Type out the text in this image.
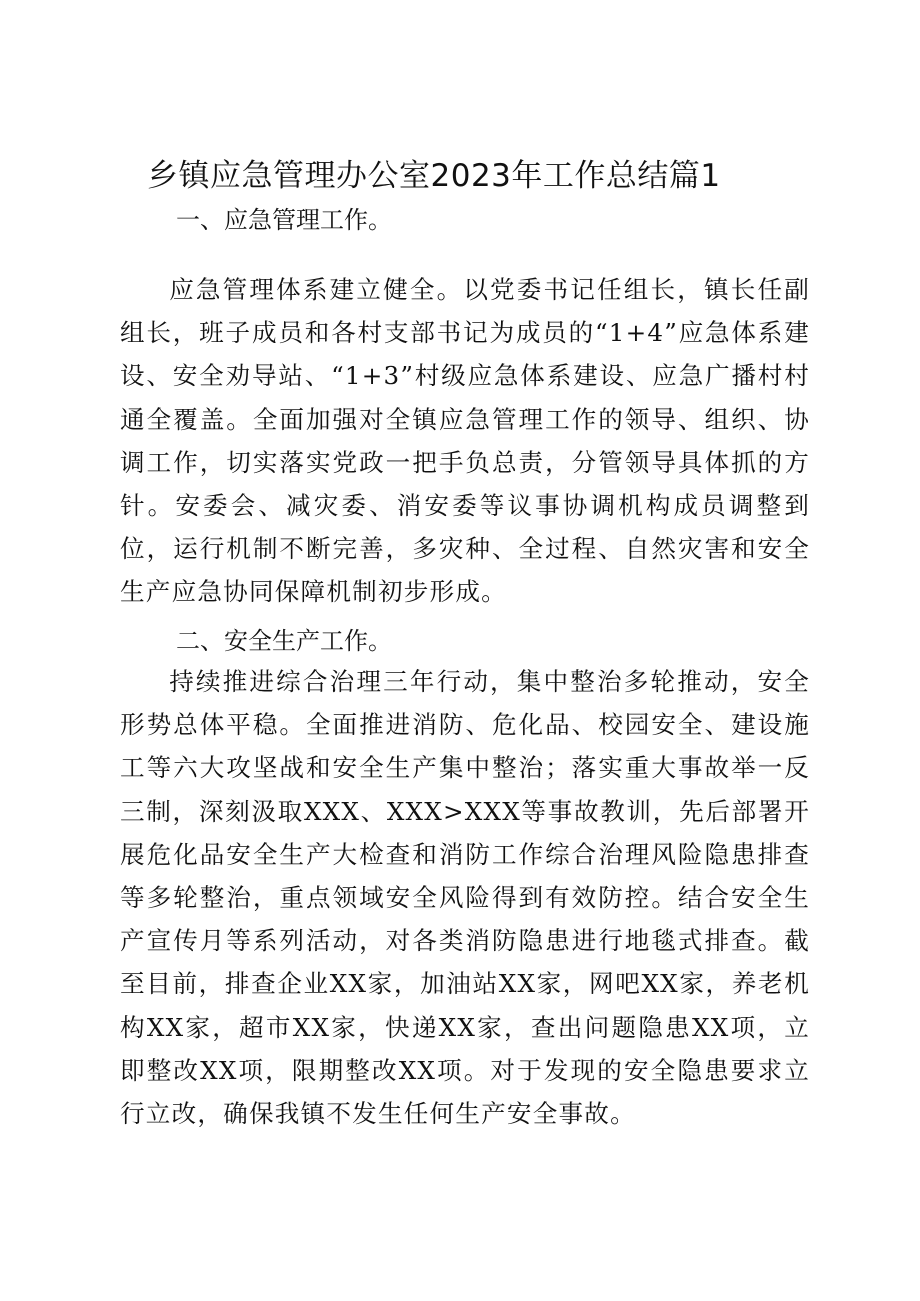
乡镇应急管理办公室2023年工作总结篇1
一、应急管理工作。

应急管理体系建立健全。以党委书记任组长，镇长任副组长，班子成员和各村支部书记为成员的“1+4”应急体系建设、安全劝导站、“1+3”村级应急体系建设、应急广播村村通全覆盖。全面加强对全镇应急管理工作的领导、组织、协调工作，切实落实党政一把手负总责，分管领导具体抓的方针。安委会、减灾委、消安委等议事协调机构成员调整到位，运行机制不断完善，多灾种、全过程、自然灾害和安全生产应急协同保障机制初步形成。

二、安全生产工作。

持续推进综合治理三年行动，集中整治多轮推动，安全形势总体平稳。全面推进消防、危化品、校园安全、建设施工等六大攻坚战和安全生产集中整治；落实重大事故举一反三制，深刻汲取XXX、XXX>XXX等事故教训，先后部署开展危化品安全生产大检查和消防工作综合治理风险隐患排查等多轮整治，重点领域安全风险得到有效防控。结合安全生产宣传月等系列活动，对各类消防隐患进行地毯式排查。截至目前，排查企业XX家，加油站XX家，网吧XX家，养老机构XX家，超市XX家，快递XX家，查出问题隐患XX项，立即整改XX项，限期整改XX项。对于发现的安全隐患要求立行立改，确保我镇不发生任何生产安全事故。
